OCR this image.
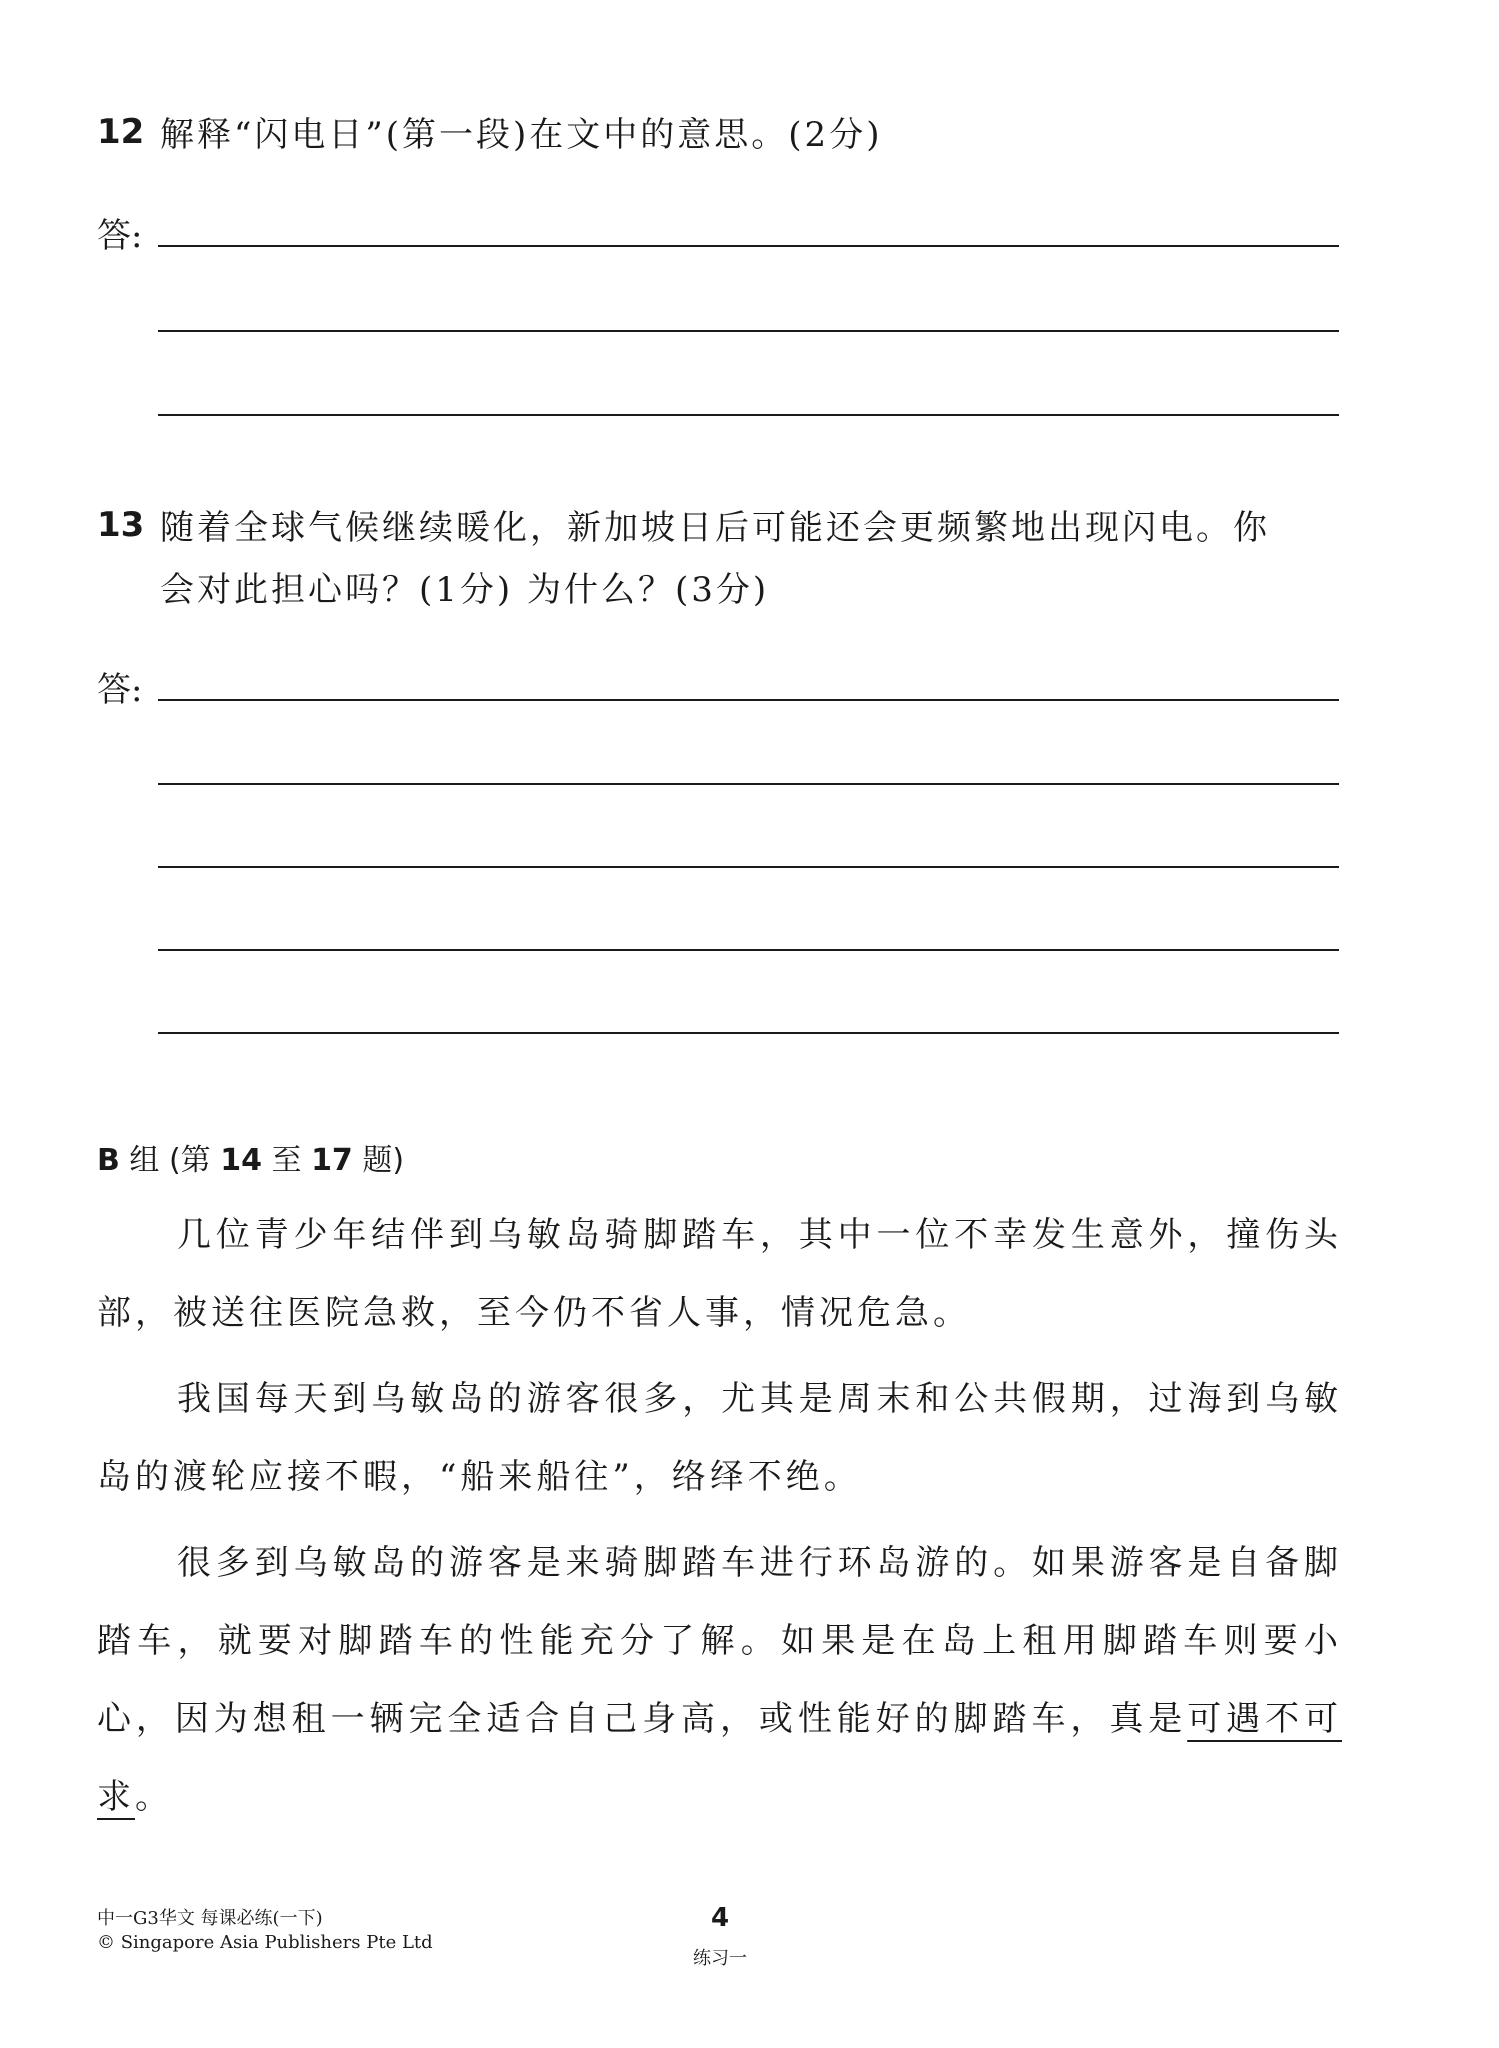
12 解释“闪电日”(第一段)在文中的意思。(2分)
答:
13 随着全球气候继续暖化，新加坡日后可能还会更频繁地出现闪电。你
会对此担心吗？(1分) 为什么？(3分)
答:
B 组 (第 14 至 17 题)
几位青少年结伴到乌敏岛骑脚踏车，其中一位不幸发生意外，撞伤头部，被送往医院急救，至今仍不省人事，情况危急。
我国每天到乌敏岛的游客很多，尤其是周末和公共假期，过海到乌敏岛的渡轮应接不暇，“船来船往”，络绎不绝。
很多到乌敏岛的游客是来骑脚踏车进行环岛游的。如果游客是自备脚踏车，就要对脚踏车的性能充分了解。如果是在岛上租用脚踏车则要小心，因为想租一辆完全适合自己身高，或性能好的脚踏车，真是可遇不可求。
中一G3华文 每课必练(一下)
© Singapore Asia Publishers Pte Ltd
4
练习一
